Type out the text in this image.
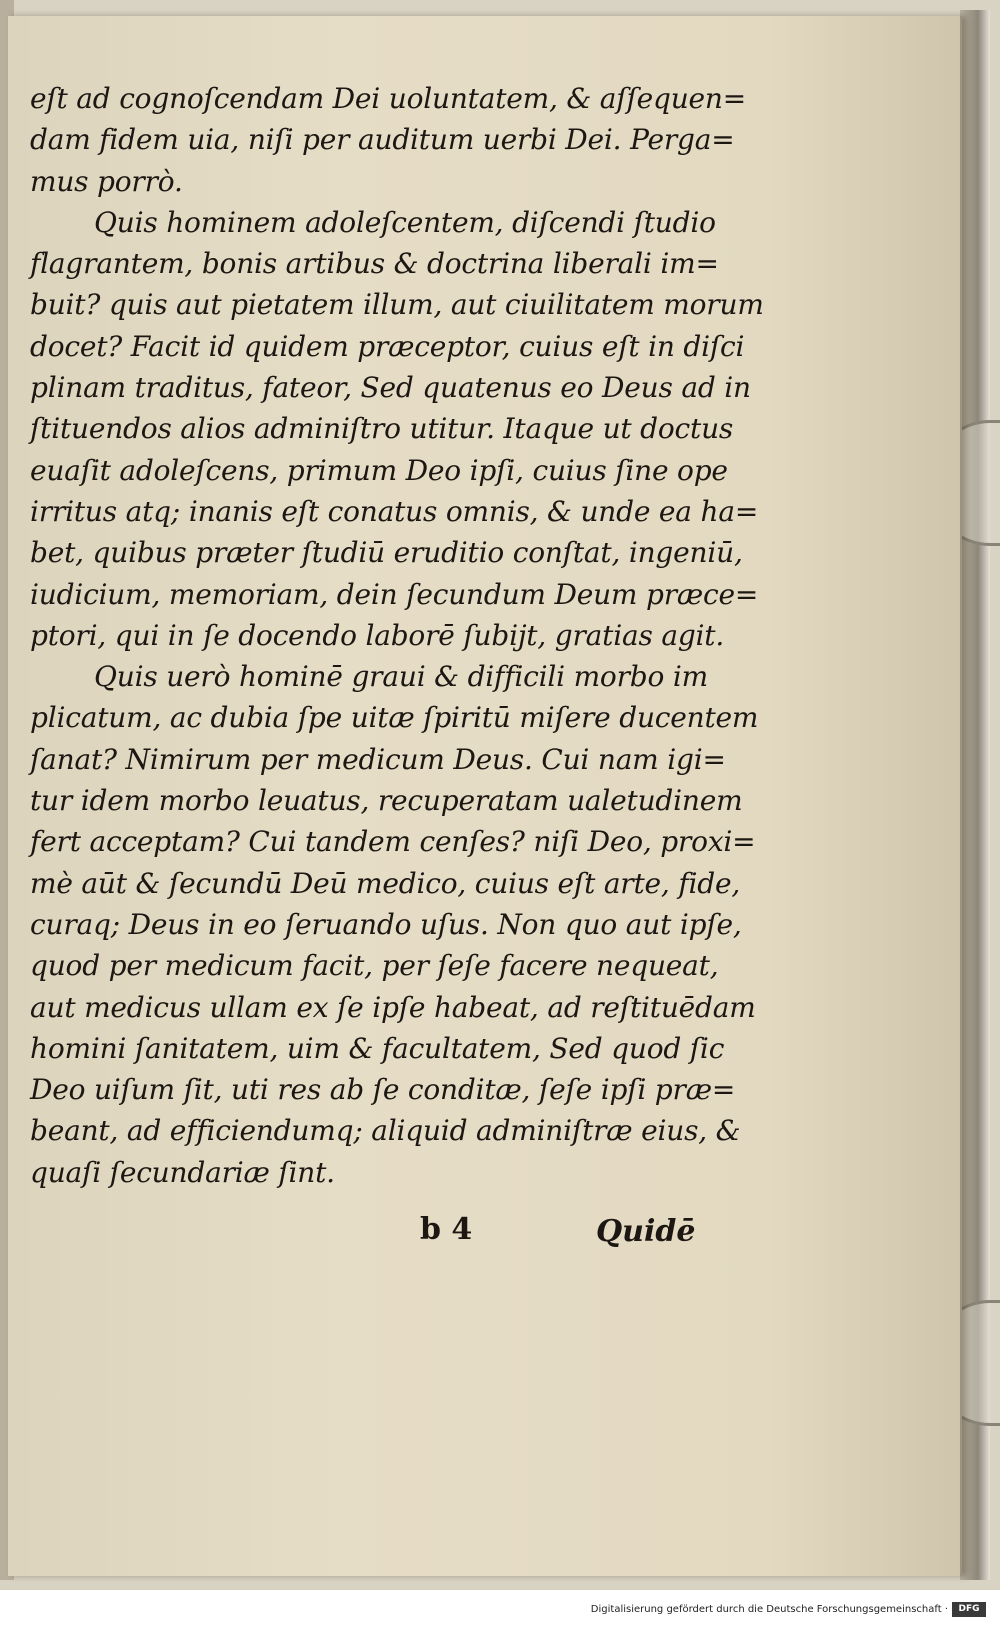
eſt ad cognoſcendam Dei uoluntatem, & aſſequen=
dam fidem uia, niſi per auditum uerbi Dei. Perga=
mus porrò.
Quis hominem adoleſcentem, diſcendi ſtudio
flagrantem, bonis artibus & doctrina liberali im=
buit? quis aut pietatem illum, aut ciuilitatem morum
docet? Facit id quidem præceptor, cuius eſt in diſci
plinam traditus, fateor, Sed quatenus eo Deus ad in
ſtituendos alios adminiſtro utitur. Itaque ut doctus
euaſit adoleſcens, primum Deo ipſi, cuius ſine ope
irritus atq; inanis eſt conatus omnis, & unde ea ha=
bet, quibus præter ſtudiū eruditio conſtat, ingeniū,
iudicium, memoriam, dein ſecundum Deum præce=
ptori, qui in ſe docendo laborē ſubijt, gratias agit.
Quis uerò hominē graui & difficili morbo im
plicatum, ac dubia ſpe uitæ ſpiritū miſere ducentem
ſanat? Nimirum per medicum Deus. Cui nam igi=
tur idem morbo leuatus, recuperatam ualetudinem
fert acceptam? Cui tandem cenſes? niſi Deo, proxi=
mè aūt & ſecundū Deū medico, cuius eſt arte, fide,
curaq; Deus in eo ſeruando uſus. Non quo aut ipſe,
quod per medicum facit, per ſeſe facere nequeat,
aut medicus ullam ex ſe ipſe habeat, ad reſtituēdam
homini ſanitatem, uim & facultatem, Sed quod ſic
Deo uiſum ſit, uti res ab ſe conditæ, ſeſe ipſi præ=
beant, ad efficiendumq; aliquid adminiſtræ eius, &
quaſi ſecundariæ ſint.
b 4	Quidē
Digitalisierung gefördert durch die Deutsche Forschungsgemeinschaft ·	DFG
